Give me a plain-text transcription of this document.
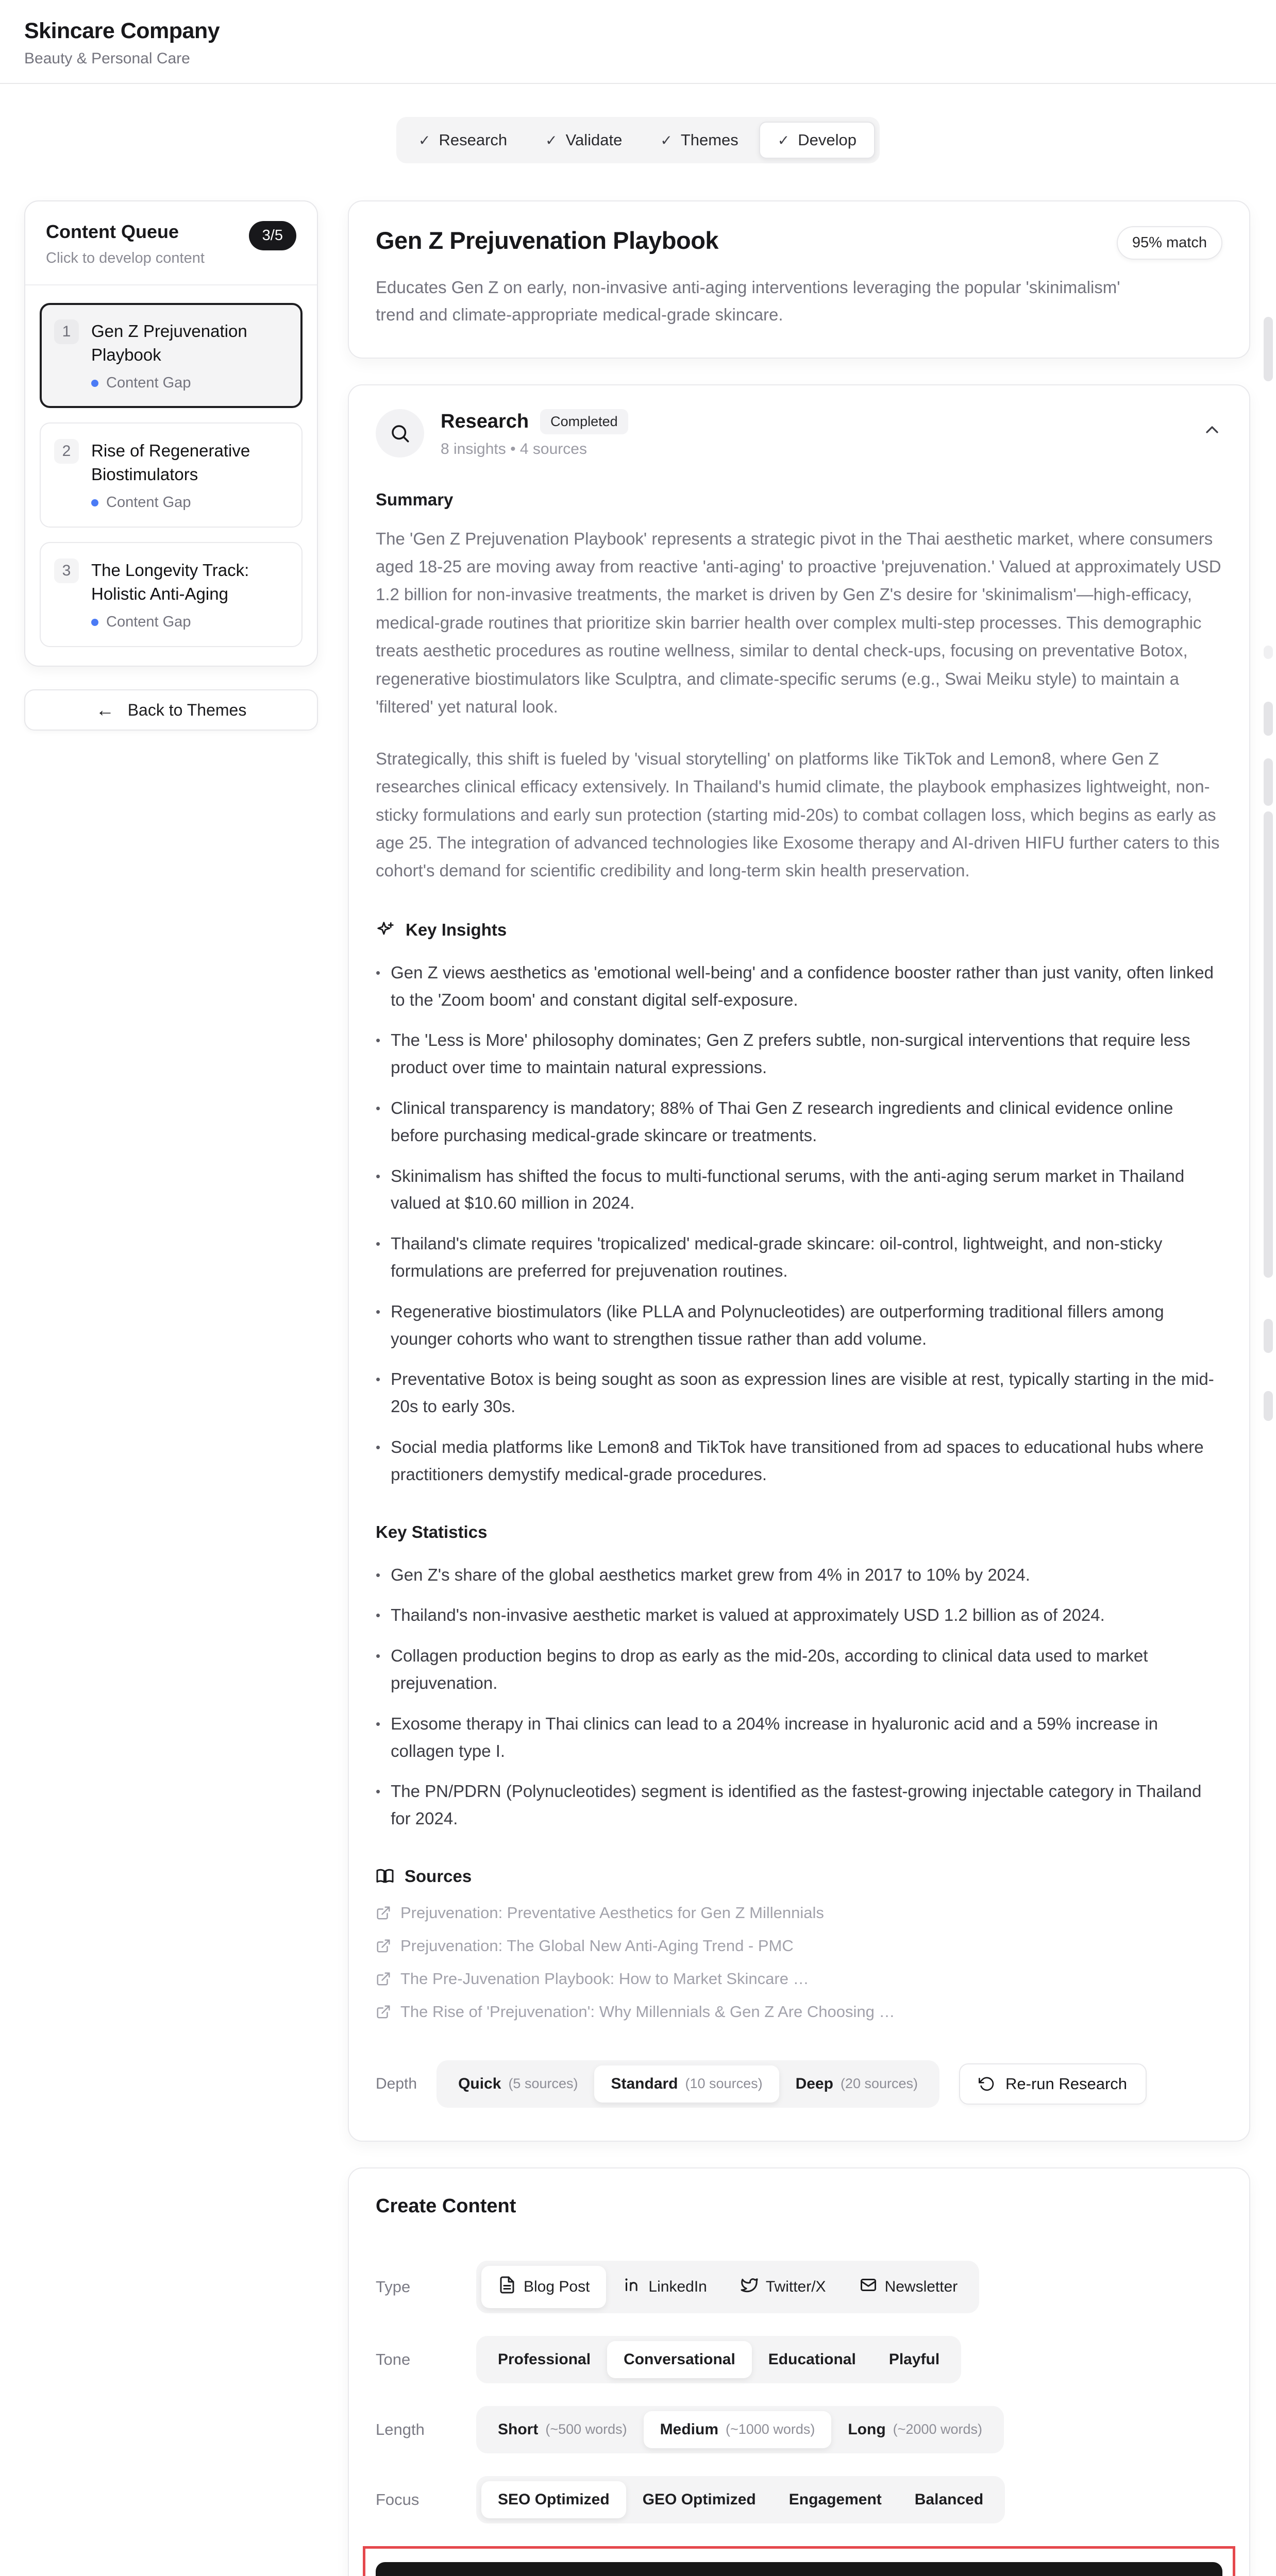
Skincare Company
Beauty & Personal Care
✓ Research	✓ Validate	✓ Themes	✓ Develop
Content Queue
Click to develop content
3/5
1	Gen Z Prejuvenation Playbook
Content Gap
2	Rise of Regenerative Biostimulators
Content Gap
3	The Longevity Track: Holistic Anti-Aging
Content Gap
← Back to Themes
Gen Z Prejuvenation Playbook	95% match

Educates Gen Z on early, non-invasive anti-aging interventions leveraging the popular 'skinimalism' trend and climate-appropriate medical-grade skincare.

Research	Completed
8 insights • 4 sources
Summary

The 'Gen Z Prejuvenation Playbook' represents a strategic pivot in the Thai aesthetic market, where consumers aged 18-25 are moving away from reactive 'anti-aging' to proactive 'prejuvenation.' Valued at approximately USD 1.2 billion for non-invasive treatments, the market is driven by Gen Z's desire for 'skinimalism'—high-efficacy, medical-grade routines that prioritize skin barrier health over complex multi-step processes. This demographic treats aesthetic procedures as routine wellness, similar to dental check-ups, focusing on preventative Botox, regenerative biostimulators like Sculptra, and climate-specific serums (e.g., Swai Meiku style) to maintain a 'filtered' yet natural look.

Strategically, this shift is fueled by 'visual storytelling' on platforms like TikTok and Lemon8, where Gen Z researches clinical efficacy extensively. In Thailand's humid climate, the playbook emphasizes lightweight, non-sticky formulations and early sun protection (starting mid-20s) to combat collagen loss, which begins as early as age 25. The integration of advanced technologies like Exosome therapy and AI-driven HIFU further caters to this cohort's demand for scientific credibility and long-term skin health preservation.

Key Insights
• Gen Z views aesthetics as 'emotional well-being' and a confidence booster rather than just vanity, often linked to the 'Zoom boom' and constant digital self-exposure.
• The 'Less is More' philosophy dominates; Gen Z prefers subtle, non-surgical interventions that require less product over time to maintain natural expressions.
• Clinical transparency is mandatory; 88% of Thai Gen Z research ingredients and clinical evidence online before purchasing medical-grade skincare or treatments.
• Skinimalism has shifted the focus to multi-functional serums, with the anti-aging serum market in Thailand valued at $10.60 million in 2024.
• Thailand's climate requires 'tropicalized' medical-grade skincare: oil-control, lightweight, and non-sticky formulations are preferred for prejuvenation routines.
• Regenerative biostimulators (like PLLA and Polynucleotides) are outperforming traditional fillers among younger cohorts who want to strengthen tissue rather than add volume.
• Preventative Botox is being sought as soon as expression lines are visible at rest, typically starting in the mid-20s to early 30s.
• Social media platforms like Lemon8 and TikTok have transitioned from ad spaces to educational hubs where practitioners demystify medical-grade procedures.
Key Statistics
• Gen Z's share of the global aesthetics market grew from 4% in 2017 to 10% by 2024.
• Thailand's non-invasive aesthetic market is valued at approximately USD 1.2 billion as of 2024.
• Collagen production begins to drop as early as the mid-20s, according to clinical data used to market prejuvenation.
• Exosome therapy in Thai clinics can lead to a 204% increase in hyaluronic acid and a 59% increase in collagen type I.
• The PN/PDRN (Polynucleotides) segment is identified as the fastest-growing injectable category in Thailand for 2024.
Sources
Prejuvenation: Preventative Aesthetics for Gen Z Millennials
Prejuvenation: The Global New Anti-Aging Trend - PMC
The Pre-Juvenation Playbook: How to Market Skincare …
The Rise of 'Prejuvenation': Why Millennials & Gen Z Are Choosing …
Depth	Quick (5 sources) Standard (10 sources) Deep (20 sources)	Re-run Research
Create Content
Type	Blog Post	LinkedIn	Twitter/X	Newsletter
Tone	Professional Conversational Educational Playful
Length	Short (~500 words) Medium (~1000 words) Long (~2000 words)
Focus	SEO Optimized GEO Optimized Engagement Balanced
